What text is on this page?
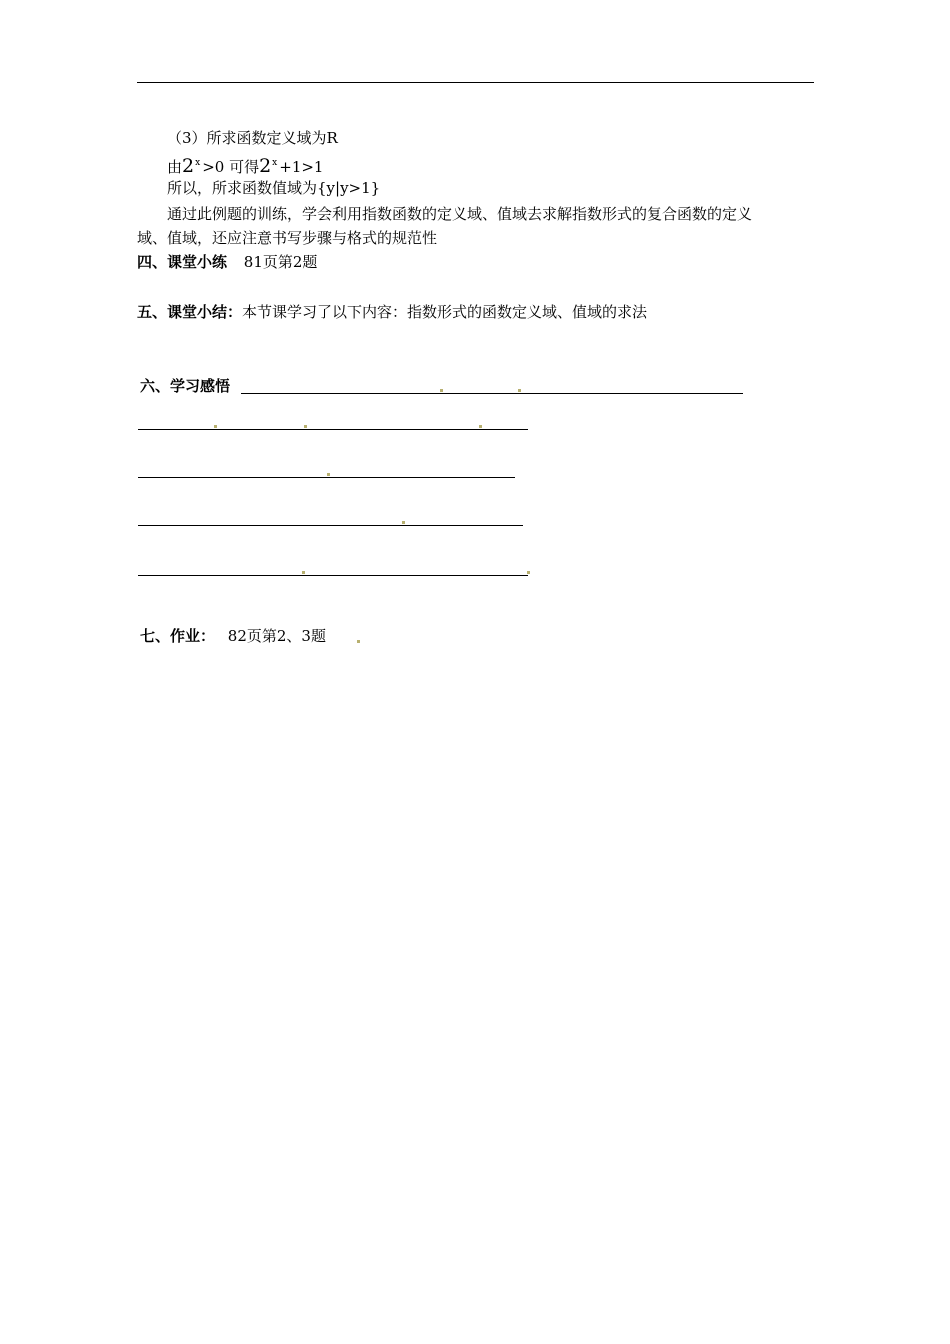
（3）所求函数定义域为R
由$2^x >0$ 可得$2^x +1>1$
所以，所求函数值域为{y|y>1}
通过此例题的训练，学会利用指数函数的定义域、值域去求解指数形式的复合函数的定义
域、值域，还应注意书写步骤与格式的规范性
四、课堂小练 81页第2题
五、课堂小结：本节课学习了以下内容：指数形式的函数定义域、值域的求法
六、学习感悟
七、作业： 82页第2、3题
